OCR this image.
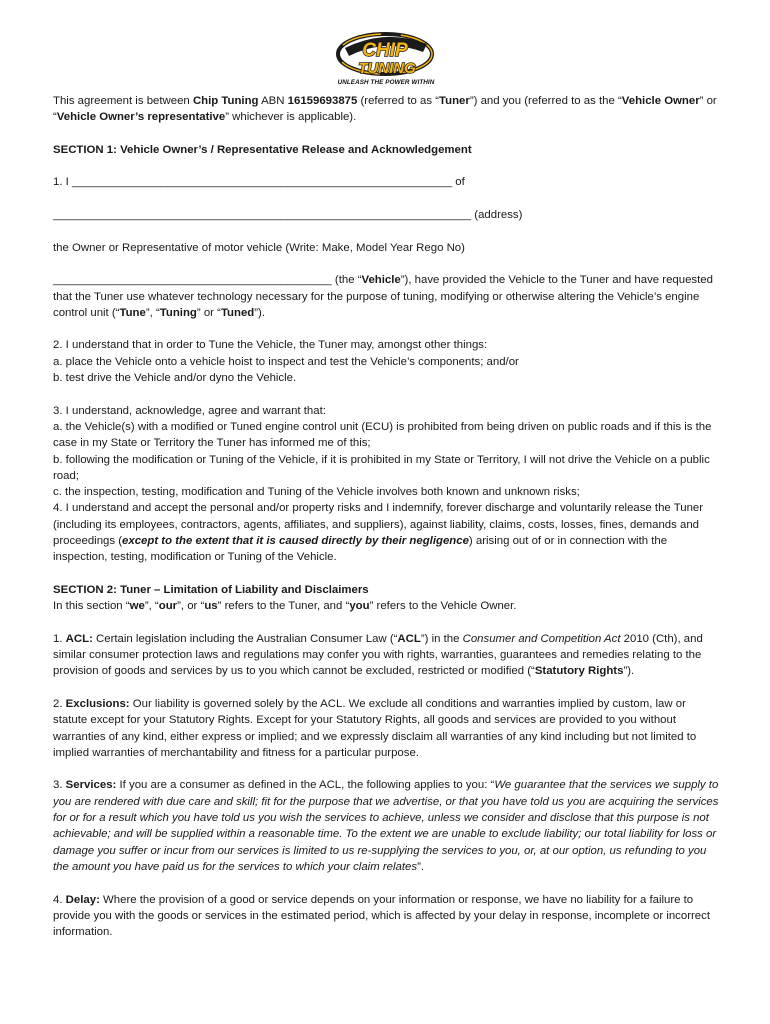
CHIP
TUNING
UNLEASH THE POWER WITHIN

This agreement is between Chip Tuning ABN 16159693875 (referred to as “Tuner”) and you (referred to as the “Vehicle Owner” or “Vehicle Owner’s representative” whichever is applicable).

SECTION 1: Vehicle Owner’s / Representative Release and Acknowledgement

1. I ____________________________________________________________ of

__________________________________________________________________ (address)

the Owner or Representative of motor vehicle (Write: Make, Model Year Rego No)

____________________________________________ (the “Vehicle”), have provided the Vehicle to the Tuner and have requested that the Tuner use whatever technology necessary for the purpose of tuning, modifying or otherwise altering the Vehicle’s engine control unit (“Tune”, “Tuning” or “Tuned”).

2. I understand that in order to Tune the Vehicle, the Tuner may, amongst other things:
a. place the Vehicle onto a vehicle hoist to inspect and test the Vehicle’s components; and/or
b. test drive the Vehicle and/or dyno the Vehicle.
3. I understand, acknowledge, agree and warrant that:
a. the Vehicle(s) with a modified or Tuned engine control unit (ECU) is prohibited from being driven on public roads and if this is the case in my State or Territory the Tuner has informed me of this;
b. following the modification or Tuning of the Vehicle, if it is prohibited in my State or Territory, I will not drive the Vehicle on a public road;
c. the inspection, testing, modification and Tuning of the Vehicle involves both known and unknown risks;

4. I understand and accept the personal and/or property risks and I indemnify, forever discharge and voluntarily release the Tuner (including its employees, contractors, agents, affiliates, and suppliers), against liability, claims, costs, losses, fines, demands and proceedings (except to the extent that it is caused directly by their negligence) arising out of or in connection with the inspection, testing, modification or Tuning of the Vehicle.

SECTION 2: Tuner – Limitation of Liability and Disclaimers

In this section “we”, “our”, or “us” refers to the Tuner, and “you” refers to the Vehicle Owner.

1. ACL: Certain legislation including the Australian Consumer Law (“ACL”) in the Consumer and Competition Act 2010 (Cth), and similar consumer protection laws and regulations may confer you with rights, warranties, guarantees and remedies relating to the provision of goods and services by us to you which cannot be excluded, restricted or modified (“Statutory Rights”).

2. Exclusions: Our liability is governed solely by the ACL. We exclude all conditions and warranties implied by custom, law or statute except for your Statutory Rights. Except for your Statutory Rights, all goods and services are provided to you without warranties of any kind, either express or implied; and we expressly disclaim all warranties of any kind including but not limited to implied warranties of merchantability and fitness for a particular purpose.

3. Services: If you are a consumer as defined in the ACL, the following applies to you: “We guarantee that the services we supply to you are rendered with due care and skill; fit for the purpose that we advertise, or that you have told us you are acquiring the services for or for a result which you have told us you wish the services to achieve, unless we consider and disclose that this purpose is not achievable; and will be supplied within a reasonable time. To the extent we are unable to exclude liability; our total liability for loss or damage you suffer or incur from our services is limited to us re-supplying the services to you, or, at our option, us refunding to you the amount you have paid us for the services to which your claim relates”.

4. Delay: Where the provision of a good or service depends on your information or response, we have no liability for a failure to provide you with the goods or services in the estimated period, which is affected by your delay in response, incomplete or incorrect information.
